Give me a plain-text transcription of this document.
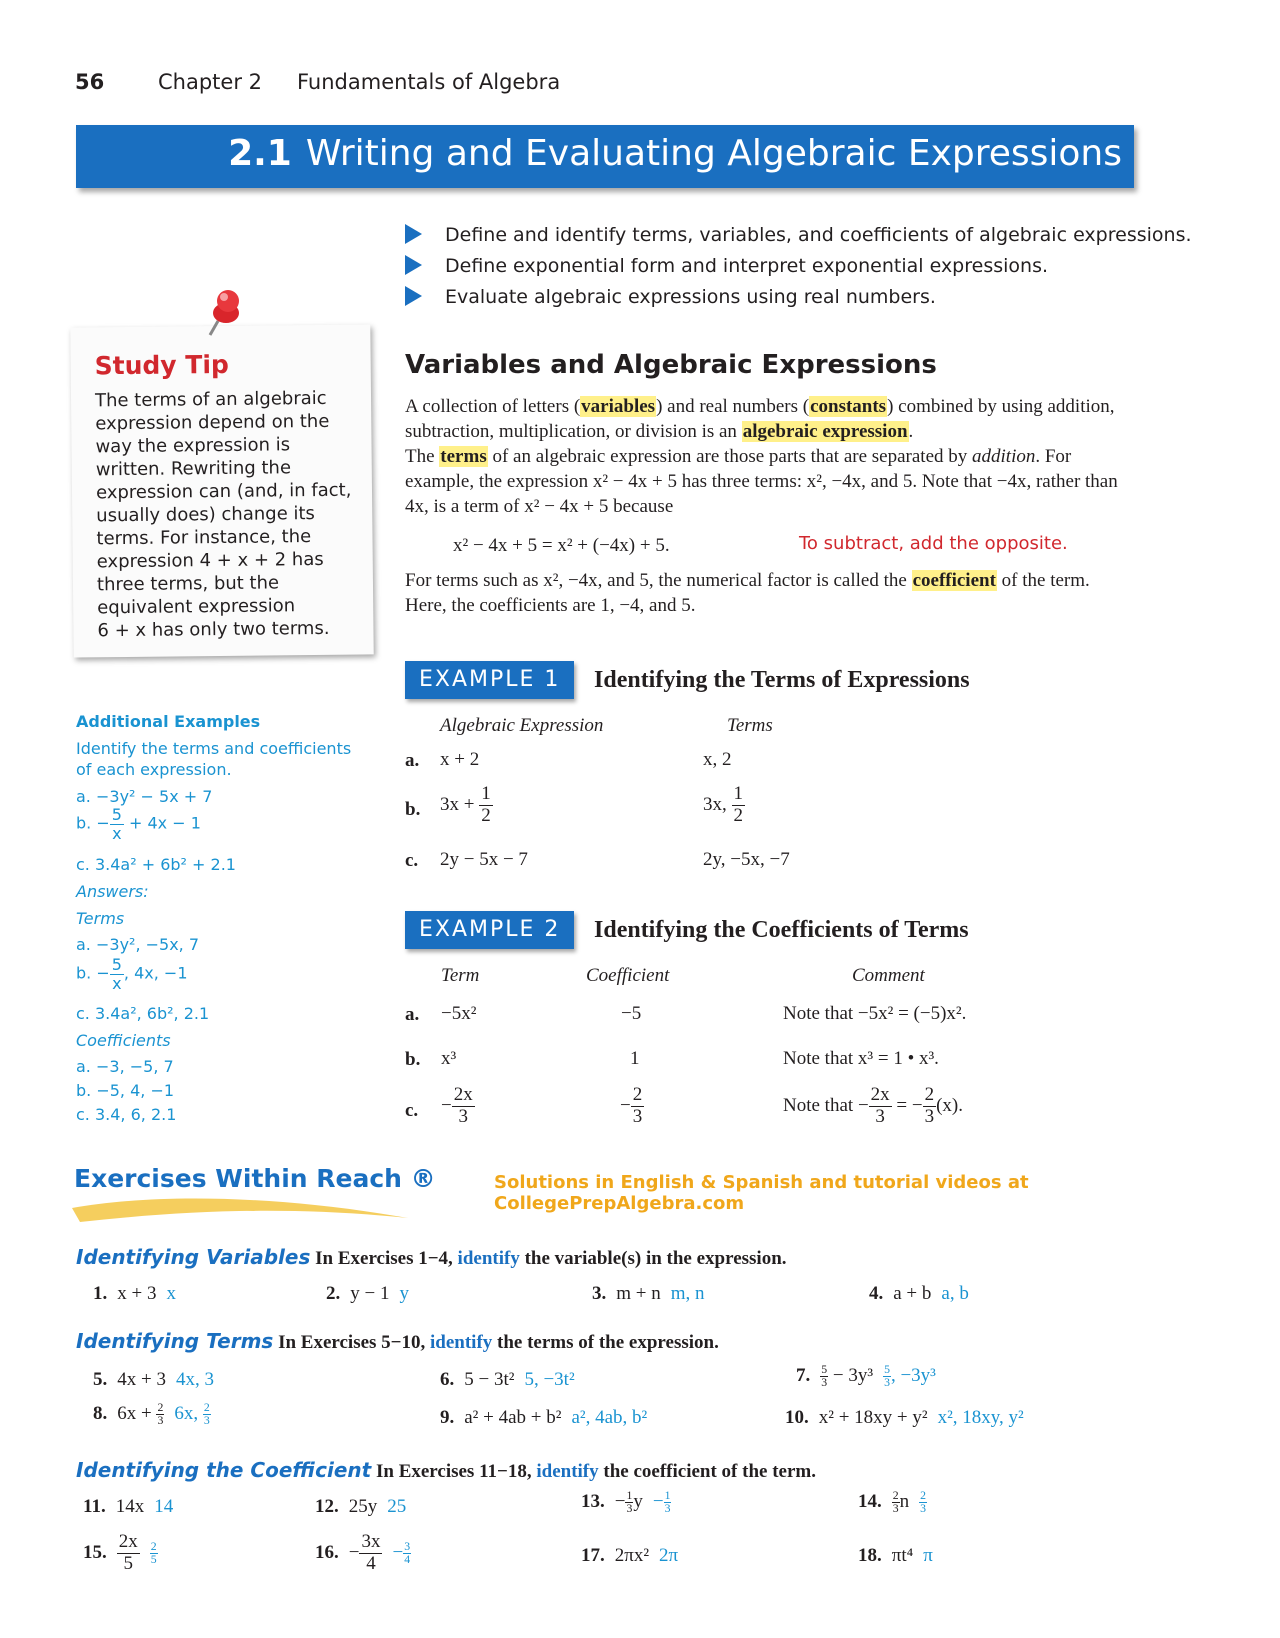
56	Chapter 2 Fundamentals of Algebra
2.1 Writing and Evaluating Algebraic Expressions
Define and identify terms, variables, and coefficients of algebraic expressions.
Define exponential form and interpret exponential expressions.
Evaluate algebraic expressions using real numbers.
Study Tip
The terms of an algebraic
expression depend on the
way the expression is
written. Rewriting the
expression can (and, in fact,
usually does) change its
terms. For instance, the
expression 4 + x + 2 has
three terms, but the
equivalent expression
6 + x has only two terms.
Additional Examples
Identify the terms and coefficients
of each expression.
a. −3y² − 5x + 7
b. − $\frac{5}{x} + 4x - 1$
c. 3.4a² + 6b² + 2.1
Answers:
Terms
a. −3y², −5x, 7
b. − $\frac{5}{x}$ , 4x, −1
c. 3.4a², 6b², 2.1
Coefficients
a. −3, −5, 7
b. −5, 4, −1
c. 3.4, 6, 2.1
Variables and Algebraic Expressions
A collection of letters (variables) and real numbers (constants) combined by using addition, subtraction, multiplication, or division is an algebraic expression.
The terms of an algebraic expression are those parts that are separated by addition. For example, the expression x² − 4x + 5 has three terms: x², −4x, and 5. Note that −4x, rather than 4x, is a term of x² − 4x + 5 because
x² − 4x + 5 = x² + (−4x) + 5.	To subtract, add the opposite.
For terms such as x², −4x, and 5, the numerical factor is called the coefficient of the term. Here, the coefficients are 1, −4, and 5.
EXAMPLE 1	Identifying the Terms of Expressions
Algebraic Expression	Terms
a. x + 2	x, 2
b. $3x + \frac{1}{2}$	3x, $\frac{1}{2}$
c. 2y − 5x − 7	2y, −5x, −7
EXAMPLE 2	Identifying the Coefficients of Terms
Term	Coefficient	Comment
a. −5x²	−5	Note that −5x² = (−5)x².
b. x³	1	Note that x³ = 1 • x³.
c. − $\frac{2x}{3}$	− $\frac{2}{3}$	Note that − $\frac{2x}{3}$ = − $\frac{2}{3} (x)$.
Exercises Within Reach ®	Solutions in English & Spanish and tutorial videos at CollegePrepAlgebra.com
Identifying Variables In Exercises 1−4, identify the variable(s) in the expression.
1. x + 3 x	2. y − 1 y	3. m + n m, n	4. a + b a, b
Identifying Terms In Exercises 5−10, identify the terms of the expression.
5. 4x + 3 4x, 3	6. 5 − 3t² 5, −3t²	7. $\frac{5}{3} - 3y^3 \frac{5}{3}$ , −3y³
8. $6x + \frac{2}{3} 6x$, $\frac{2}{3}$	9. a² + 4ab + b² a², 4ab, b²	10. x² + 18xy + y² x², 18xy, y²
Identifying the Coefficient In Exercises 11−18, identify the coefficient of the term.
11. 14x 14	12. 25y 25	13. − $\frac{1}{3}$ $y - \frac{1}{3}$	14. $\frac{2}{3}$ n $\frac{2}{3}$
15. $\frac{2x}{5} \frac{2}{5}$	16. − $\frac{3x}{4} - \frac{3}{4}$	17. 2πx² 2π	18. πt⁴ π
